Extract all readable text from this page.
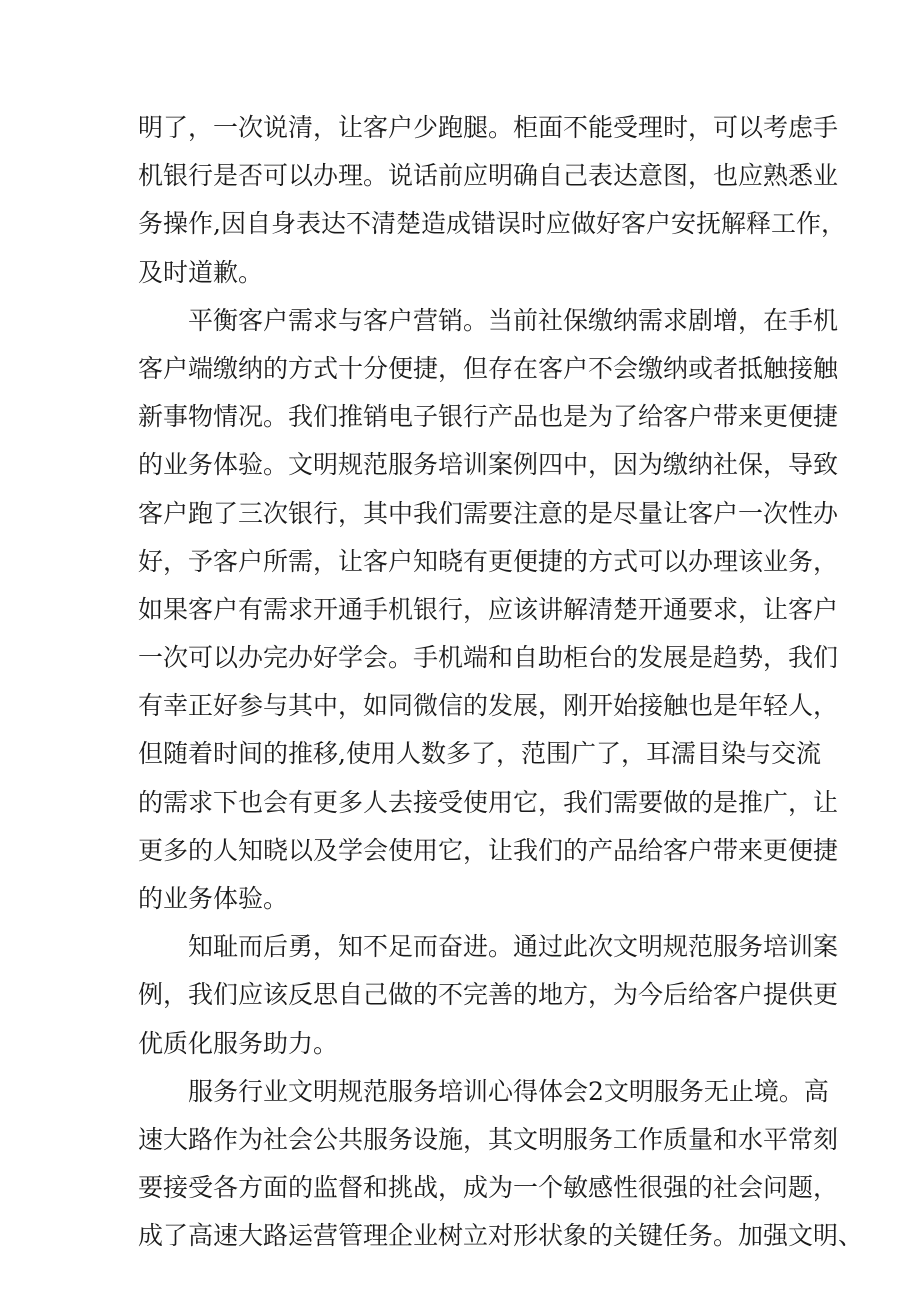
明了，一次说清，让客户少跑腿。柜面不能受理时，可以考虑手
机银行是否可以办理。说话前应明确自己表达意图，也应熟悉业
务操作,因自身表达不清楚造成错误时应做好客户安抚解释工作，
及时道歉。
平衡客户需求与客户营销。当前社保缴纳需求剧增，在手机
客户端缴纳的方式十分便捷，但存在客户不会缴纳或者抵触接触
新事物情况。我们推销电子银行产品也是为了给客户带来更便捷
的业务体验。文明规范服务培训案例四中，因为缴纳社保，导致
客户跑了三次银行，其中我们需要注意的是尽量让客户一次性办
好，予客户所需，让客户知晓有更便捷的方式可以办理该业务，
如果客户有需求开通手机银行，应该讲解清楚开通要求，让客户
一次可以办完办好学会。手机端和自助柜台的发展是趋势，我们
有幸正好参与其中，如同微信的发展，刚开始接触也是年轻人，
但随着时间的推移,使用人数多了，范围广了，耳濡目染与交流
的需求下也会有更多人去接受使用它，我们需要做的是推广，让
更多的人知晓以及学会使用它，让我们的产品给客户带来更便捷
的业务体验。
知耻而后勇，知不足而奋进。通过此次文明规范服务培训案
例，我们应该反思自己做的不完善的地方，为今后给客户提供更
优质化服务助力。
服务行业文明规范服务培训心得体会2文明服务无止境。高
速大路作为社会公共服务设施，其文明服务工作质量和水平常刻
要接受各方面的监督和挑战，成为一个敏感性很强的社会问题，
成了高速大路运营管理企业树立对形状象的关键任务。加强文明、
